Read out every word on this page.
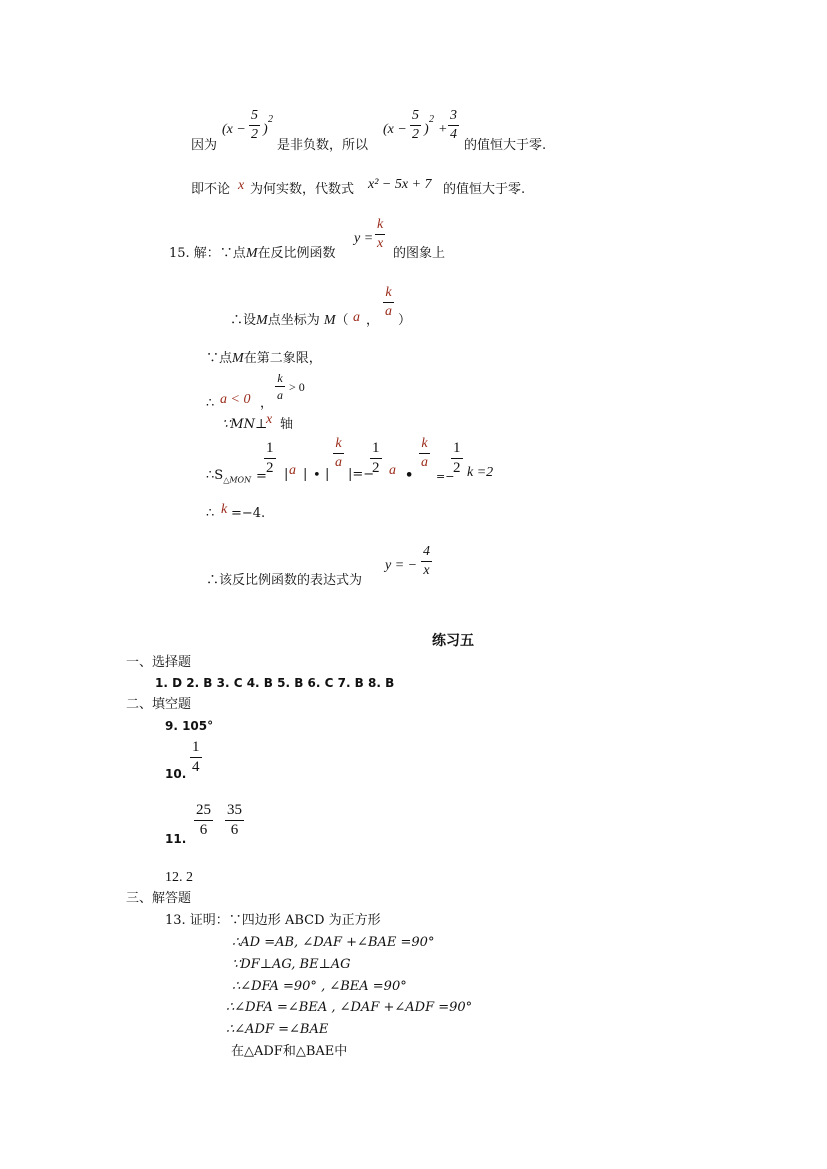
因为
(x −
5
2 )
2
是非负数，所以
(x −
5
2 )
2
+
3
4
的值恒大于零.
即不论 x 为何实数，代数式 x² − 5x + 7 的值恒大于零.
15. 解：∵点M在反比例函数
y =
k
x
的图象上
∴设M点坐标为 M（ a ，
k
a
）
∵点M在第二象限，
∴ a < 0 ，
k
a
> 0
∵MN⊥
x 轴
$\therefore S_{\triangle MON}$ =
1
2 | a | • |
k
a
|=−
1
2 a •
k
a
=−
1
2 k =2
∴ k =−4.
∴该反比例函数的表达式为
y = −
4
x
练习五
一、选择题
1. D 2. B 3. C 4. B 5. B 6. C 7. B 8. B
二、填空题
9. 105°
1
4
10.
11.
25
6
35
6
12. 2
三、解答题
13. 证明：∵四边形 ABCD 为正方形
∴AD =AB, ∠DAF +∠BAE =90°
∵DF⊥AG, BE⊥AG
∴∠DFA =90° , ∠BEA =90°
∴∠DFA =∠BEA , ∠DAF +∠ADF =90°
∴∠ADF =∠BAE
在△ADF和△BAE中
